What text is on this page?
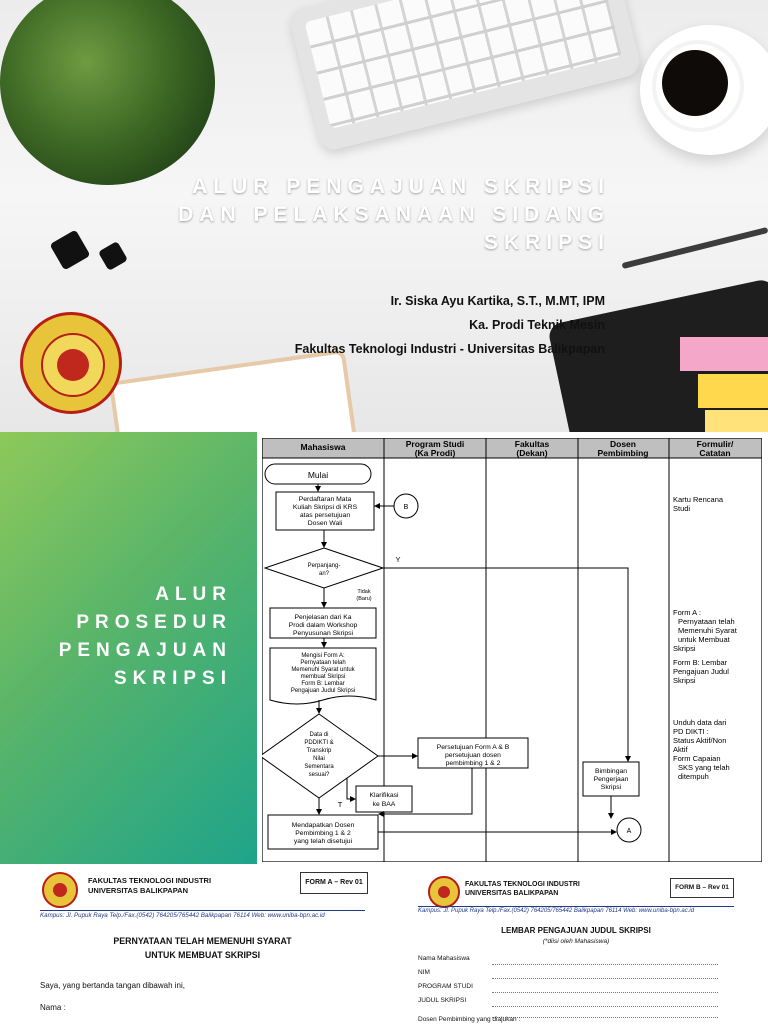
ALUR PENGAJUAN SKRIPSI
DAN PELAKSANAAN SIDANG
SKRIPSI
Ir. Siska Ayu Kartika, S.T., M.MT, IPM
Ka. Prodi Teknik Mesin
Fakultas Teknologi Industri - Universitas Balikpapan
ALUR
PROSEDUR
PENGAJUAN
SKRIPSI
Mahasiswa	Program Studi
(Ka Prodi)
Fakultas
(Dekan)
Dosen
Pembimbing
Formulir/
Catatan
Mulai
Perdaftaran Mata
Kuliah Skripsi di KRS
atas persetujuan
Dosen Wali
B
Perpanjang-
an?
Y
Tidak
(Baru)
Penjelasan dari Ka
Prodi dalam Workshop
Penyusunan Skripsi
Mengisi Form A:
Pernyataan telah
Memenuhi Syarat untuk
membuat Skripsi
Form B: Lembar
Pengajuan Judul Skripsi
Data di
PDDIKTI &
Transkrip
Nilai
Sementara
sesuai?
Persetujuan Form A & B
persetujuan dosen
pembimbing 1 & 2
Klarifikasi
ke BAA
T
Mendapatkan Dosen
Pembimbing 1 & 2
yang telah disetujui
Bimbingan
Pengerjaan
Skripsi
A
Kartu Rencana
Studi
Form A :
Pernyataan telah
Memenuhi Syarat
untuk Membuat
Skripsi
Form B: Lembar
Pengajuan Judul
Skripsi
Unduh data dari
PD DIKTI :
Status Aktif/Non
Aktif
Form Capaian
SKS yang telah
ditempuh
FAKULTAS TEKNOLOGI INDUSTRI
UNIVERSITAS BALIKPAPAN
FORM A – Rev 01
Kampus: Jl. Pupuk Raya Telp./Fax.(0542) 764205/765442 Balikpapan 76114 Web: www.uniba-bpn.ac.id
PERNYATAAN TELAH MEMENUHI SYARAT
UNTUK MEMBUAT SKRIPSI
Saya, yang bertanda tangan dibawah ini,
Nama :
FAKULTAS TEKNOLOGI INDUSTRI
UNIVERSITAS BALIKPAPAN
FORM B – Rev 01
Kampus: Jl. Pupuk Raya Telp./Fax.(0542) 764205/765442 Balikpapan 76114 Web: www.uniba-bpn.ac.id
LEMBAR PENGAJUAN JUDUL SKRIPSI
(*diisi oleh Mahasiswa)
Nama Mahasiswa
NIM
PROGRAM STUDI
JUDUL SKRIPSI
Dosen Pembimbing yang diajukan :
